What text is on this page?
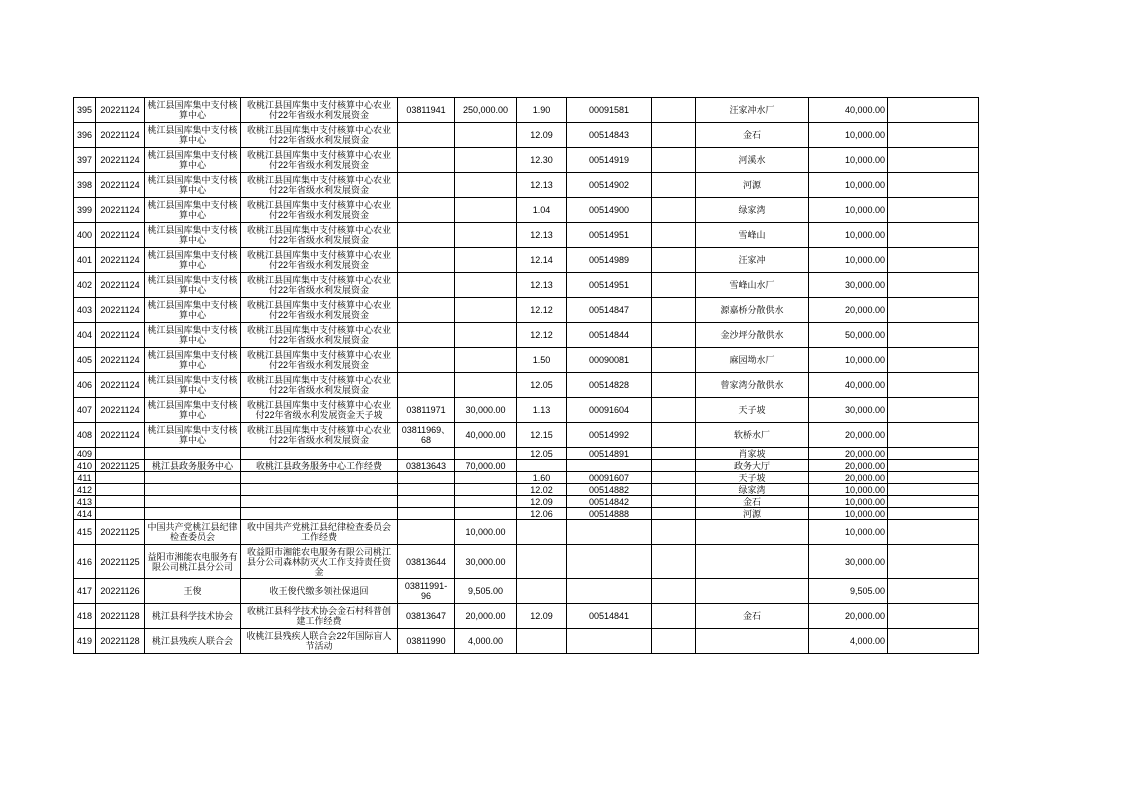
395	20221124	桃江县国库集中支付核算中心	收桃江县国库集中支付核算中心农业付22年省级水利发展资金	03811941	250,000.00	1.90	00091581		汪家冲水厂	40,000.00	
396	20221124	桃江县国库集中支付核算中心	收桃江县国库集中支付核算中心农业付22年省级水利发展资金			12.09	00514843		金石	10,000.00	
397	20221124	桃江县国库集中支付核算中心	收桃江县国库集中支付核算中心农业付22年省级水利发展资金			12.30	00514919		河溪水	10,000.00	
398	20221124	桃江县国库集中支付核算中心	收桃江县国库集中支付核算中心农业付22年省级水利发展资金			12.13	00514902		河源	10,000.00	
399	20221124	桃江县国库集中支付核算中心	收桃江县国库集中支付核算中心农业付22年省级水利发展资金			1.04	00514900		绿家湾	10,000.00	
400	20221124	桃江县国库集中支付核算中心	收桃江县国库集中支付核算中心农业付22年省级水利发展资金			12.13	00514951		雪峰山	10,000.00	
401	20221124	桃江县国库集中支付核算中心	收桃江县国库集中支付核算中心农业付22年省级水利发展资金			12.14	00514989		汪家冲	10,000.00	
402	20221124	桃江县国库集中支付核算中心	收桃江县国库集中支付核算中心农业付22年省级水利发展资金			12.13	00514951		雪峰山水厂	30,000.00	
403	20221124	桃江县国库集中支付核算中心	收桃江县国库集中支付核算中心农业付22年省级水利发展资金			12.12	00514847		源嘉桥分散供水	20,000.00	
404	20221124	桃江县国库集中支付核算中心	收桃江县国库集中支付核算中心农业付22年省级水利发展资金			12.12	00514844		金沙坪分散供水	50,000.00	
405	20221124	桃江县国库集中支付核算中心	收桃江县国库集中支付核算中心农业付22年省级水利发展资金			1.50	00090081		麻园坳水厂	10,000.00	
406	20221124	桃江县国库集中支付核算中心	收桃江县国库集中支付核算中心农业付22年省级水利发展资金			12.05	00514828		曾家湾分散供水	40,000.00	
407	20221124	桃江县国库集中支付核算中心	收桃江县国库集中支付核算中心农业付22年省级水利发展资金天子坡	03811971	30,000.00	1.13	00091604		天子坡	30,000.00	
408	20221124	桃江县国库集中支付核算中心	收桃江县国库集中支付核算中心农业付22年省级水利发展资金	03811969、68	40,000.00	12.15	00514992		软桥水厂	20,000.00	
409						12.05	00514891		肖家坡	20,000.00	
410	20221125	桃江县政务服务中心	收桃江县政务服务中心工作经费	03813643	70,000.00				政务大厅	20,000.00	
411						1.60	00091607		天子坡	20,000.00	
412						12.02	00514882		绿家湾	10,000.00	
413						12.09	00514842		金石	10,000.00	
414						12.06	00514888		河源	10,000.00	
415	20221125	中国共产党桃江县纪律检查委员会	收中国共产党桃江县纪律检查委员会工作经费		10,000.00					10,000.00	
416	20221125	益阳市湘能农电服务有限公司桃江县分公司	收益阳市湘能农电服务有限公司桃江县分公司森林防灭火工作支持责任资金	03813644	30,000.00					30,000.00	
417	20221126	王俊	收王俊代缴多领社保退回	03811991-96	9,505.00					9,505.00	
418	20221128	桃江县科学技术协会	收桃江县科学技术协会金石村科普创建工作经费	03813647	20,000.00	12.09	00514841		金石	20,000.00	
419	20221128	桃江县残疾人联合会	收桃江县残疾人联合会22年国际盲人节活动	03811990	4,000.00					4,000.00	
